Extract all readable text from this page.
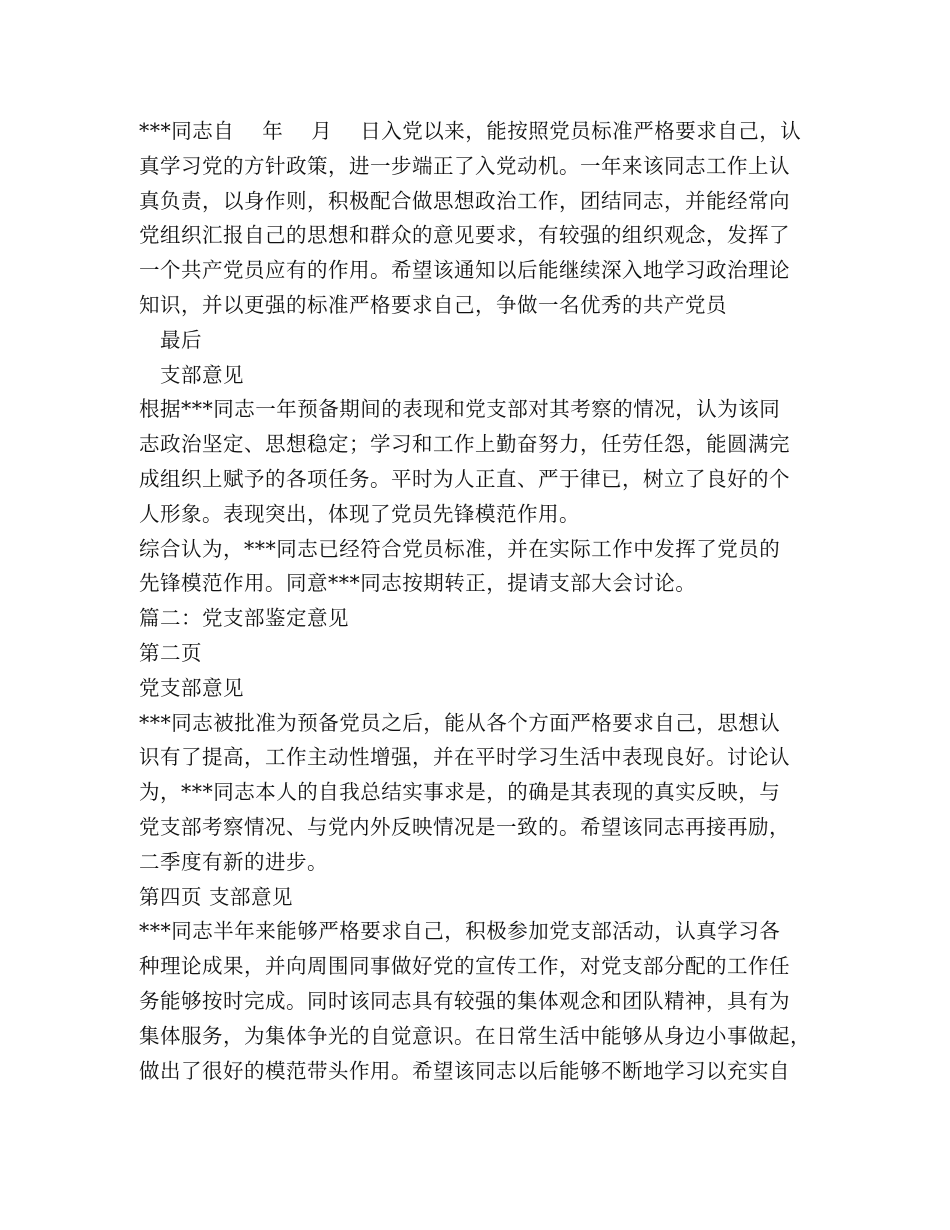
***同志自　 年　 月　 日入党以来，能按照党员标准严格要求自己，认
真学习党的方针政策，进一步端正了入党动机。一年来该同志工作上认
真负责，以身作则，积极配合做思想政治工作，团结同志，并能经常向
党组织汇报自己的思想和群众的意见要求，有较强的组织观念，发挥了
一个共产党员应有的作用。希望该通知以后能继续深入地学习政治理论
知识，并以更强的标准严格要求自己，争做一名优秀的共产党员
　最后
　支部意见
根据***同志一年预备期间的表现和党支部对其考察的情况，认为该同
志政治坚定、思想稳定；学习和工作上勤奋努力，任劳任怨，能圆满完
成组织上赋予的各项任务。平时为人正直、严于律已，树立了良好的个
人形象。表现突出，体现了党员先锋模范作用。
综合认为，***同志已经符合党员标准，并在实际工作中发挥了党员的
先锋模范作用。同意***同志按期转正，提请支部大会讨论。
篇二：党支部鉴定意见
第二页
党支部意见
***同志被批准为预备党员之后，能从各个方面严格要求自己，思想认
识有了提高，工作主动性增强，并在平时学习生活中表现良好。讨论认
为，***同志本人的自我总结实事求是，的确是其表现的真实反映，与
党支部考察情况、与党内外反映情况是一致的。希望该同志再接再励，
二季度有新的进步。
第四页 支部意见
***同志半年来能够严格要求自己，积极参加党支部活动，认真学习各
种理论成果，并向周围同事做好党的宣传工作，对党支部分配的工作任
务能够按时完成。同时该同志具有较强的集体观念和团队精神，具有为
集体服务，为集体争光的自觉意识。在日常生活中能够从身边小事做起，
做出了很好的模范带头作用。希望该同志以后能够不断地学习以充实自
